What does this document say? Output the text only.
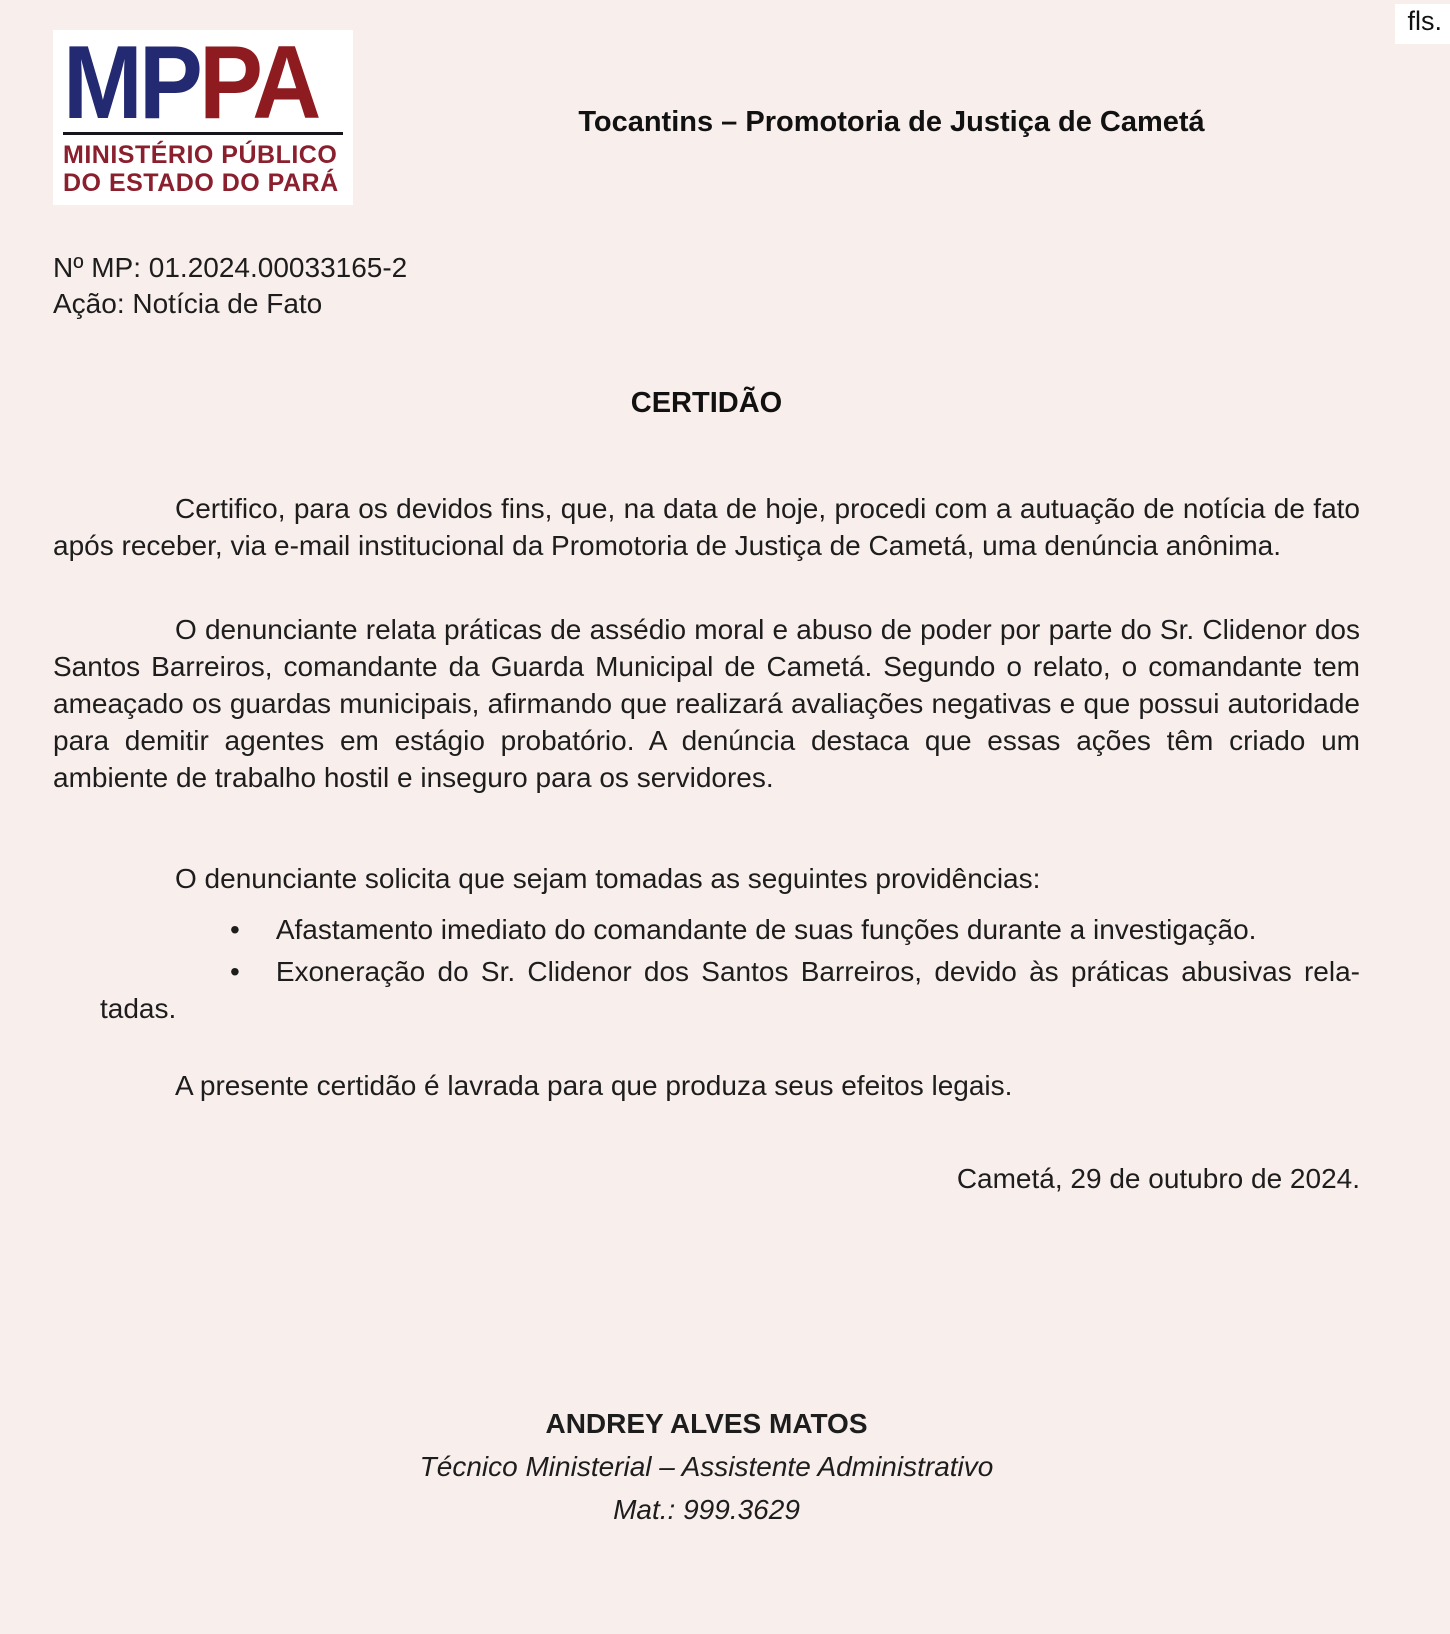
fls.
MP PA
MINISTÉRIO PÚBLICO
DO ESTADO DO PARÁ
Tocantins – Promotoria de Justiça de Cametá
Nº MP: 01.2024.00033165-2
Ação: Notícia de Fato
CERTIDÃO

Certifico, para os devidos fins, que, na data de hoje, procedi com a autuação de notícia de fato após receber, via e-mail institucional da Promotoria de Justiça de Cametá, uma denúncia anônima.

O denunciante relata práticas de assédio moral e abuso de poder por parte do Sr. Clidenor dos Santos Barreiros, comandante da Guarda Municipal de Cametá. Segundo o relato, o comandante tem ameaçado os guardas municipais, afirmando que realizará avaliações negativas e que possui autoridade para demitir agentes em estágio probatório. A denúncia destaca que essas ações têm criado um ambiente de trabalho hostil e inseguro para os servidores.

O denunciante solicita que sejam tomadas as seguintes providências:

• Afastamento imediato do comandante de suas funções durante a investigação.
• Exoneração do Sr. Clidenor dos Santos Barreiros, devido às práticas abusivas relatadas.

A presente certidão é lavrada para que produza seus efeitos legais.

Cametá, 29 de outubro de 2024.
ANDREY ALVES MATOS
Técnico Ministerial – Assistente Administrativo
Mat.: 999.3629
